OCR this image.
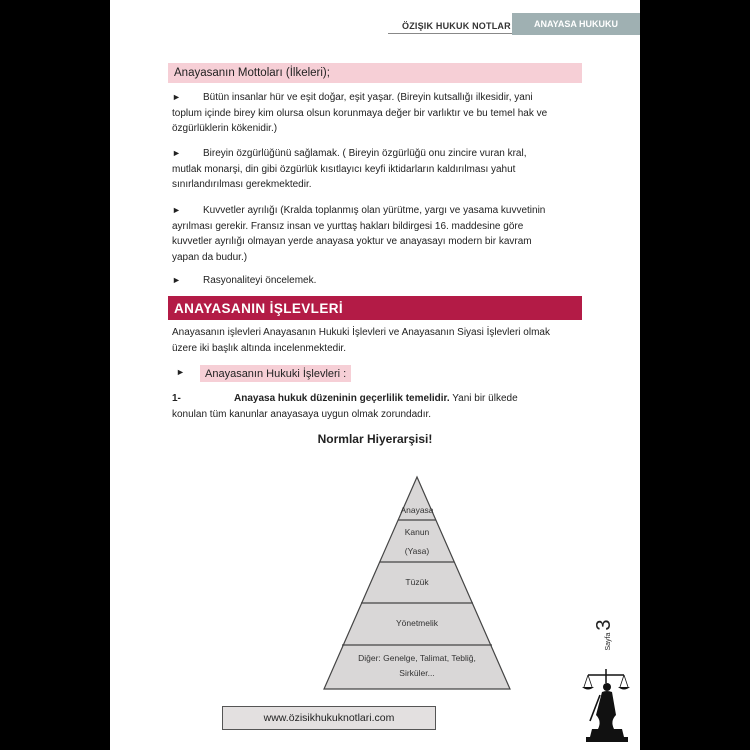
ÖZIŞIK HUKUK NOTLAR	ANAYASA HUKUKU
Anayasanın Mottoları (İlkeleri);
►	Bütün insanlar hür ve eşit doğar, eşit yaşar. (Bireyin kutsallığı ilkesidir, yani
toplum içinde birey kim olursa olsun korunmaya değer bir varlıktır ve bu temel hak ve
özgürlüklerin kökenidir.)
►	Bireyin özgürlüğünü sağlamak. ( Bireyin özgürlüğü onu zincire vuran kral,
mutlak monarşi, din gibi özgürlük kısıtlayıcı keyfi iktidarların kaldırılması yahut
sınırlandırılması gerekmektedir.
►	Kuvvetler ayrılığı (Kralda toplanmış olan yürütme, yargı ve yasama kuvvetinin
ayrılması gerekir. Fransız insan ve yurttaş hakları bildirgesi 16. maddesine göre
kuvvetler ayrılığı olmayan yerde anayasa yoktur ve anayasayı modern bir kavram
yapan da budur.)
►	Rasyonaliteyi öncelemek.
ANAYASANIN İŞLEVLERİ
Anayasanın işlevleri Anayasanın Hukuki İşlevleri ve Anayasanın Siyasi İşlevleri olmak
üzere iki başlık altında incelenmektedir.
►	Anayasanın Hukuki İşlevleri :
1-	Anayasa hukuk düzeninin geçerlilik temelidir. Yani bir ülkede
konulan tüm kanunlar anayasaya uygun olmak zorundadır.
Normlar Hiyerarşisi!
Anayasa
Kanun
(Yasa)
Tüzük
Yönetmelik
Diğer: Genelge, Talimat, Tebliğ,
Sirküler...
www.özisikhukuknotlari.com
Sayfa
3
